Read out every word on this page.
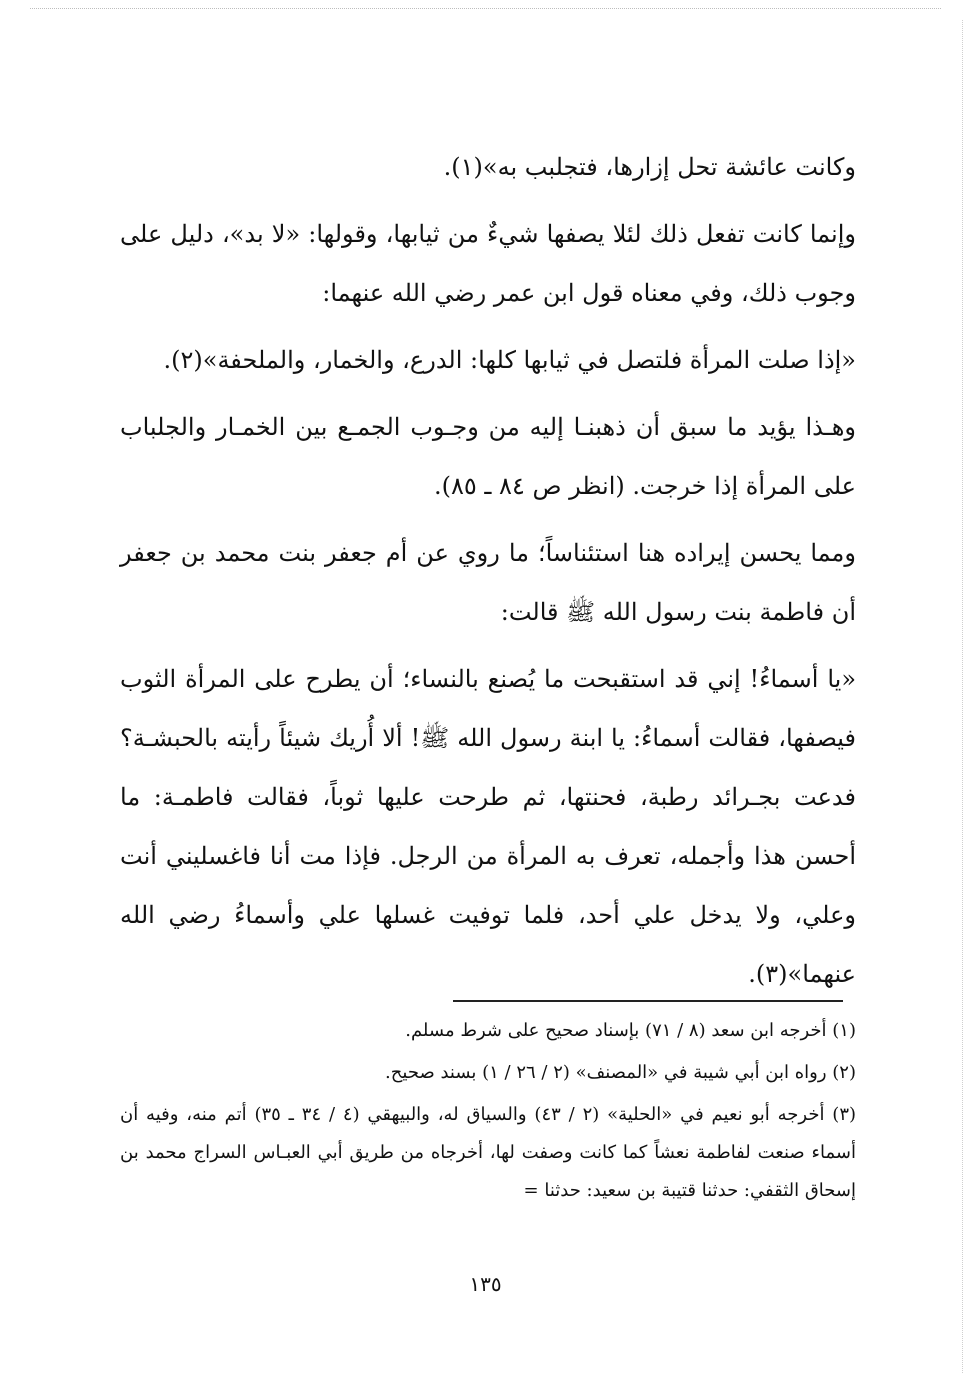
وكانت عائشة تحل إزارها، فتجلبب به»(١).

وإنما كانت تفعل ذلك لئلا يصفها شيءٌ من ثيابها، وقولها: «لا بد»، دليل على وجوب ذلك، وفي معناه قول ابن عمر رضي الله عنهما:

«إذا صلت المرأة فلتصل في ثيابها كلها: الدرع، والخمار، والملحفة»(٢).

وهـذا يؤيد ما سبق أن ذهبنـا إليه من وجـوب الجمـع بين الخمـار والجلباب على المرأة إذا خرجت. (انظر ص ٨٤ ـ ٨٥).

ومما يحسن إيراده هنا استئناساً؛ ما روي عن أم جعفر بنت محمد بن جعفر أن فاطمة بنت رسول الله ﷺ قالت:

«يا أسماءُ! إني قد استقبحت ما يُصنع بالنساء؛ أن يطرح على المرأة الثوب فيصفها، فقالت أسماءُ: يا ابنة رسول الله ﷺ! ألا أُريك شيئاً رأيته بالحبشـة؟ فدعت بجـرائد رطبة، فحنتها، ثم طرحت عليها ثوباً، فقالت فاطمـة: ما أحسن هذا وأجمله، تعرف به المرأة من الرجل. فإذا مت أنا فاغسليني أنت وعلي، ولا يدخل علي أحد، فلما توفيت غسلها علي وأسماءُ رضي الله عنهما»(٣).

(١) أخرجه ابن سعد (٨ / ٧١) بإسناد صحيح على شرط مسلم.

(٢) رواه ابن أبي شيبة في «المصنف» (٢ / ٢٦ / ١) بسند صحيح.

(٣) أخرجه أبو نعيم في «الحلية» (٢ / ٤٣) والسياق له، والبيهقي (٤ / ٣٤ ـ ٣٥) أتم منه، وفيه أن أسماء صنعت لفاطمة نعشاً كما كانت وصفت لها، أخرجاه من طريق أبي العبـاس السراج محمد بن إسحاق الثقفي: حدثنا قتيبة بن سعيد: حدثنا =

١٣٥
